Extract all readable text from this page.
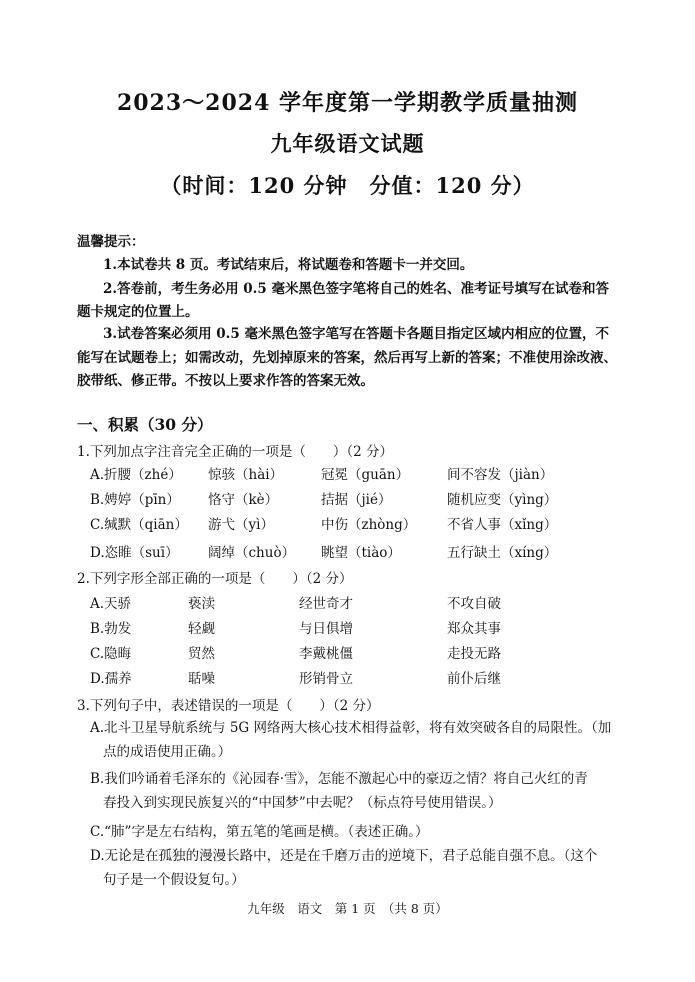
2023～2024 学年度第一学期教学质量抽测
九年级语文试题
（时间：120 分钟　分值：120 分）
温馨提示：
1.本试卷共 8 页。考试结束后，将试题卷和答题卡一并交回。
2.答卷前，考生务必用 0.5 毫米黑色签字笔将自己的姓名、准考证号填写在试卷和答
题卡规定的位置上。
3.试卷答案必须用 0.5 毫米黑色签字笔写在答题卡各题目指定区域内相应的位置，不
能写在试题卷上；如需改动，先划掉原来的答案，然后再写上新的答案；不准使用涂改液、
胶带纸、修正带。不按以上要求作答的答案无效。
一、积累（30 分）
1.下列加点字注音完全正确的一项是（　　）（2 分）
A.折腰（zhé） 惊骇（hài）	冠冕（guān）	间不容发（jiàn）
B.娉婷（pīn） 恪守（kè）	拮据（jié）	随机应变（yìng）
C.缄默（qiān） 游弋（yì）	中伤（zhòng） 不省人事（xǐng）
D.恣睢（suī） 阔绰（chuò） 眺望（tiào）	五行缺土（xíng）
2.下列字形全部正确的一项是（　　）（2 分）
A.天骄	亵渎	经世奇才	不攻自破
B.勃发	轻觑	与日俱增	郑众其事
C.隐晦	贸然	李戴桃僵	走投无路
D.孺养	聒噪	形销骨立	前仆后继
3.下列句子中，表述错误的一项是（　　）（2 分）
A.北斗卫星导航系统与 5G 网络两大核心技术相得益彰，将有效突破各自的局限性。（加
点的成语使用正确。）
B.我们吟诵着毛泽东的《沁园春·雪》，怎能不激起心中的豪迈之情？将自己火红的青
春投入到实现民族复兴的“中国梦”中去呢？（标点符号使用错误。）
C.“肺”字是左右结构，第五笔的笔画是横。（表述正确。）
D.无论是在孤独的漫漫长路中，还是在千磨万击的逆境下，君子总能自强不息。（这个
句子是一个假设复句。）
九年级　语文　第 1 页　（共 8 页）
